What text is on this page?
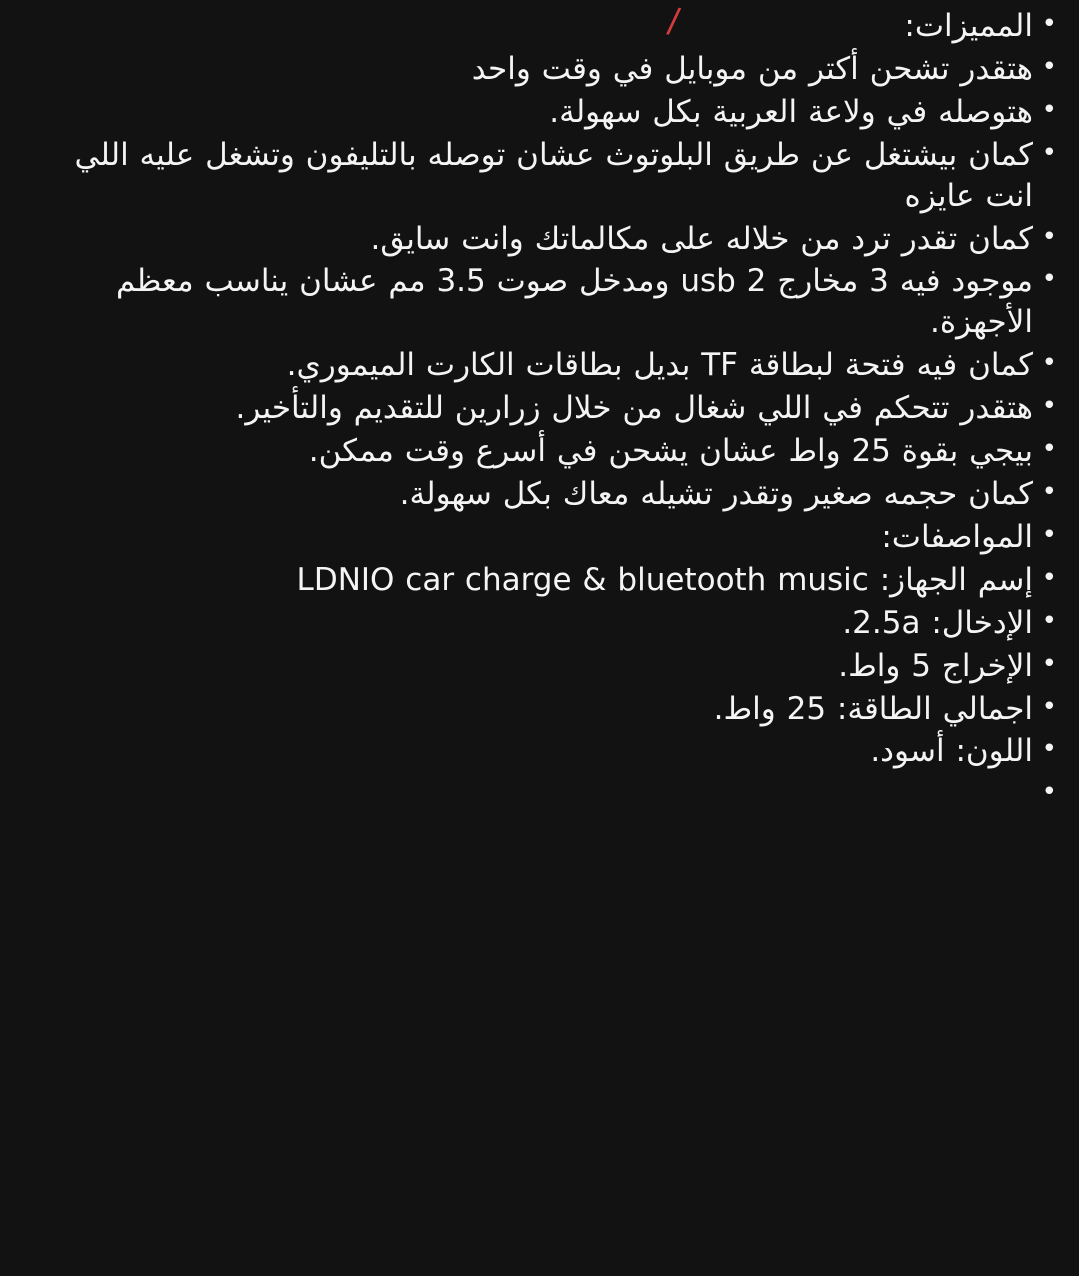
/	• المميزات:
• هتقدر تشحن أكتر من موبايل في وقت واحد
• هتوصله في ولاعة العربية بكل سهولة.
• كمان بيشتغل عن طريق البلوتوث عشان توصله بالتليفون وتشغل عليه اللي انت عايزه
• كمان تقدر ترد من خلاله على مكالماتك وانت سايق.
• موجود فيه 3 مخارج usb 2 ومدخل صوت 3.5 مم عشان يناسب معظم الأجهزة.
• كمان فيه فتحة لبطاقة TF بديل بطاقات الكارت الميموري.
• هتقدر تتحكم في اللي شغال من خلال زرارين للتقديم والتأخير.
• بيجي بقوة 25 واط عشان يشحن في أسرع وقت ممكن.
• كمان حجمه صغير وتقدر تشيله معاك بكل سهولة.
• المواصفات:
• إسم الجهاز: LDNIO car charge & bluetooth music
• الإدخال: 2.5a.
• الإخراج 5 واط.
• اجمالي الطاقة: 25 واط.
• اللون: أسود.
•
